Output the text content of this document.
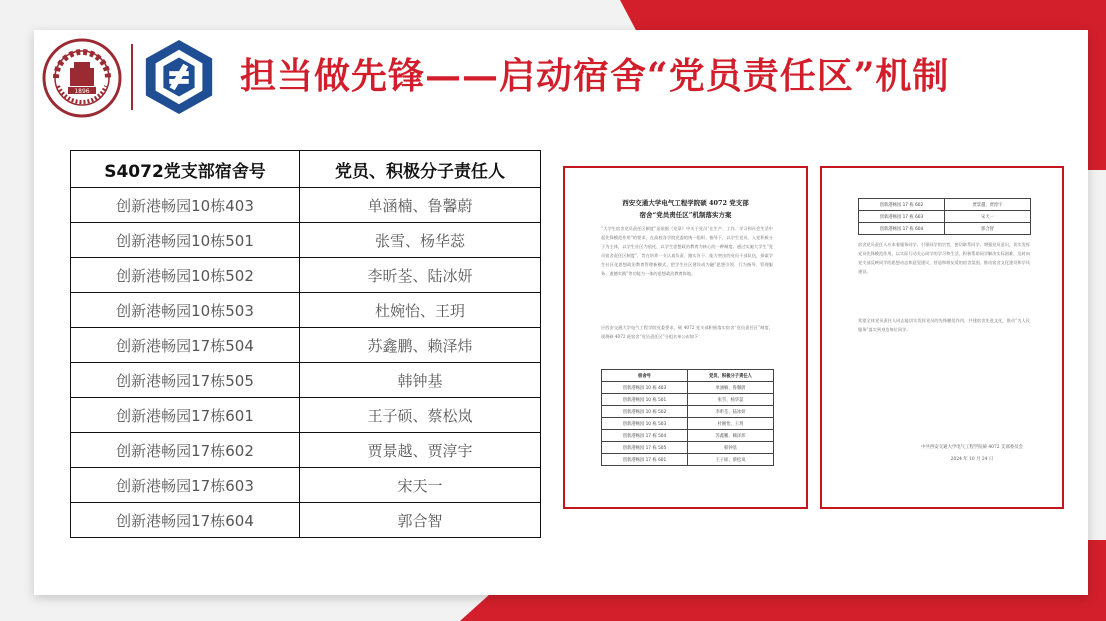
1896	担当做先锋——启动宿舍“党员责任区”机制
S4072党支部宿舍号	党员、积极分子责任人
创新港畅园10栋403	单涵楠、鲁馨蔚
创新港畅园10栋501	张雪、杨华蕊
创新港畅园10栋502	李昕荃、陆冰妍
创新港畅园10栋503	杜婉怡、王玥
创新港畅园17栋504	苏鑫鹏、赖泽炜
创新港畅园17栋505	韩钟基
创新港畅园17栋601	王子硕、蔡松岚
创新港畅园17栋602	贾景越、贾淳宇
创新港畅园17栋603	宋天一
创新港畅园17栋604	郭合智
西安交通大学电气工程学院硕 4072 党支部
宿舍“党员责任区”机制落实方案
“大学生宿舍党员责任区制度”是依据《党章》中关于党员“在生产、工作、学习和社会生活中起先锋模范作用”的要求，在高校各学院党委的统一组织、指导下，以学生党员、入党积极分子为主体，以学生社区为依托，以学生思想政治教育为核心的一种制度。通过实施大学生“党员宿舍责任区制度”，旨在培养一支认真负责、踏实肯干、能力突出的党员干部队伍，探索学生社区化思想政治教育管理新模式，把学生社区建设成为融“思想引领、行为指导、管理服务、道德实践”等功能为一体的思想政治教育阵地。
应西安交通大学电气工程学院党委要求，硕 4072 党支部积极落实宿舍“党员责任区”制度，现将硕 4072 班宿舍“党员责任区”分组名单公布如下：
宿舍号	党员、积极分子责任人
创新港畅园 10 栋 403	单涵楠、鲁馨蔚
创新港畅园 10 栋 501	张雪、杨华蕊
创新港畅园 10 栋 502	李昕荃、陆冰妍
创新港畅园 10 栋 503	杜婉怡、王玥
创新港畅园 17 栋 504	苏鑫鹏、赖泽炜
创新港畅园 17 栋 505	韩钟基
创新港畅园 17 栋 601	王子硕、蔡松岚
创新港畅园 17 栋 602	贾景越、贾淳宇
创新港畅园 17 栋 603	宋天一
创新港畅园 17 栋 604	郭合智
宿舍党员责任人应本着服务同学、引领同学的宗旨，密切联系同学，增强党员意识，切实发挥党员先锋模范作用。以实际行动关心同学的学习和生活，积极帮助同学解决实际困难，及时向党支部反映同学的思想动态和意见建议，营造和谐友爱的宿舍氛围，推动宿舍文化建设和学风建设。
希望全体党员责任人同志能切实发挥党员的先锋模范作用，共建宿舍先进文化，推动“为人民服务”落实到身边每位同学。
中共西安交通大学电气工程学院硕 4072 支部委员会
2024 年 10 月 24 日
